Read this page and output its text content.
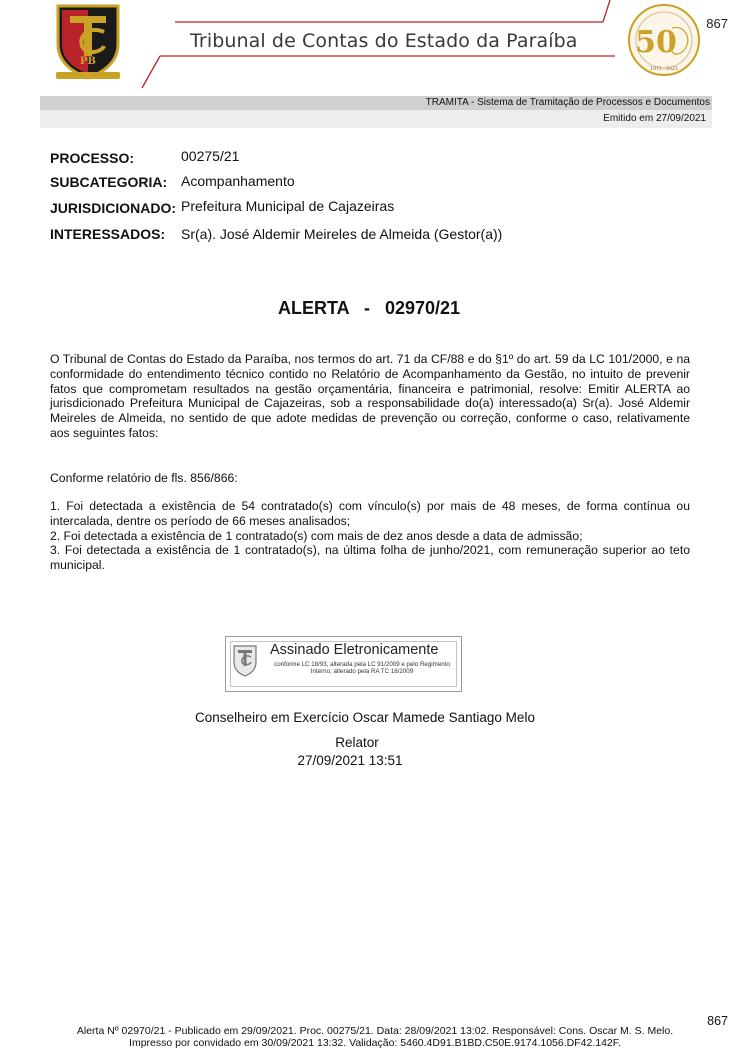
PB
Tribunal de Contas do Estado da Paraíba 50
1971 - 2021
867
TRAMITA - Sistema de Tramitação de Processos e Documentos
Emitido em 27/09/2021
PROCESSO:	00275/21
SUBCATEGORIA: Acompanhamento
JURISDICIONADO: Prefeitura Municipal de Cajazeiras
INTERESSADOS: Sr(a). José Aldemir Meireles de Almeida (Gestor(a))
ALERTA   -   02970/21

O Tribunal de Contas do Estado da Paraíba, nos termos do art. 71 da CF/88 e do §1º do art. 59 da LC 101/2000, e na conformidade do entendimento técnico contido no Relatório de Acompanhamento da Gestão, no intuito de prevenir fatos que comprometam resultados na gestão orçamentária, financeira e patrimonial, resolve: Emitir ALERTA ao jurisdicionado Prefeitura Municipal de Cajazeiras, sob a responsabilidade do(a) interessado(a) Sr(a). José Aldemir Meireles de Almeida, no sentido de que adote medidas de prevenção ou correção, conforme o caso, relativamente aos seguintes fatos:

Conforme relatório de fls. 856/866:

1. Foi detectada a existência de 54 contratado(s) com vínculo(s) por mais de 48 meses, de forma contínua ou intercalada, dentre os período de 66 meses analisados;

2. Foi detectada a existência de 1 contratado(s) com mais de dez anos desde a data de admissão;

3. Foi detectada a existência de 1 contratado(s), na última folha de junho/2021, com remuneração superior ao teto municipal.

Assinado Eletronicamente
conforme LC 18/93, alterada pela LC 91/2009 e pelo Regimento Interno, alterado pela RA TC 18/2009
Conselheiro em Exercício Oscar Mamede Santiago Melo
Relator
27/09/2021 13:51
867
Alerta Nº 02970/21 - Publicado em 29/09/2021. Proc. 00275/21. Data: 28/09/2021 13:02. Responsável: Cons. Oscar M. S. Melo.
Impresso por convidado em 30/09/2021 13:32. Validação: 5460.4D91.B1BD.C50E.9174.1056.DF42.142F.
